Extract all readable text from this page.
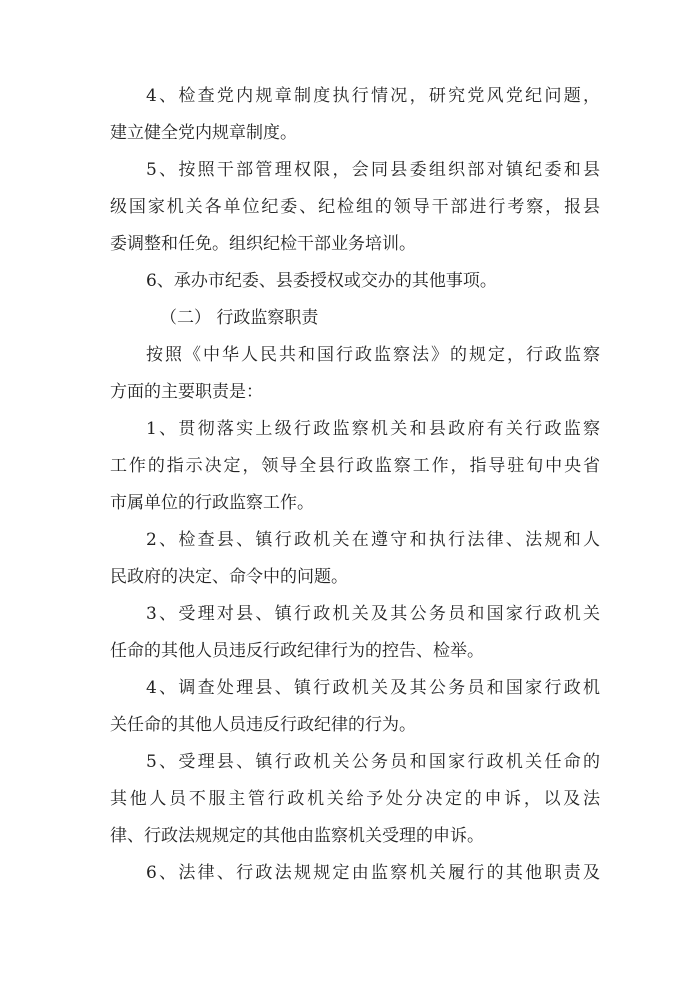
4、检查党内规章制度执行情况，研究党风党纪问题，
建立健全党内规章制度。
5、按照干部管理权限，会同县委组织部对镇纪委和县
级国家机关各单位纪委、纪检组的领导干部进行考察，报县
委调整和任免。组织纪检干部业务培训。
6、承办市纪委、县委授权或交办的其他事项。
（二） 行政监察职责
按照《中华人民共和国行政监察法》的规定，行政监察
方面的主要职责是：
1、贯彻落实上级行政监察机关和县政府有关行政监察
工作的指示决定，领导全县行政监察工作，指导驻旬中央省
市属单位的行政监察工作。
2、检查县、镇行政机关在遵守和执行法律、法规和人
民政府的决定、命令中的问题。
3、受理对县、镇行政机关及其公务员和国家行政机关
任命的其他人员违反行政纪律行为的控告、检举。
4、调查处理县、镇行政机关及其公务员和国家行政机
关任命的其他人员违反行政纪律的行为。
5、受理县、镇行政机关公务员和国家行政机关任命的
其他人员不服主管行政机关给予处分决定的申诉，以及法
律、行政法规规定的其他由监察机关受理的申诉。
6、法律、行政法规规定由监察机关履行的其他职责及
